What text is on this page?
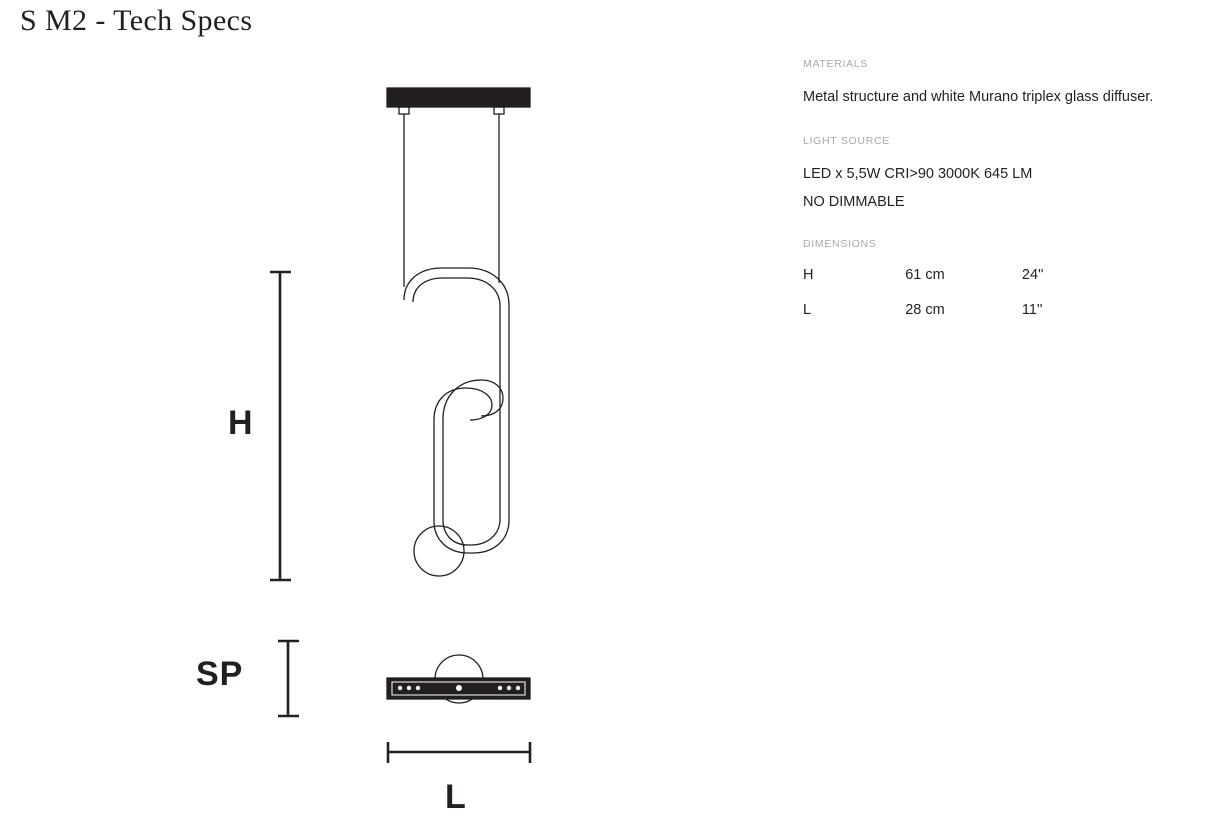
S M2 - Tech Specs
H
SP
L
MATERIALS
Metal structure and white Murano triplex glass diffuser.
LIGHT SOURCE
LED x 5,5W CRI>90 3000K 645 LM
NO DIMMABLE
DIMENSIONS
H	61 cm	24''
L	28 cm	11''
